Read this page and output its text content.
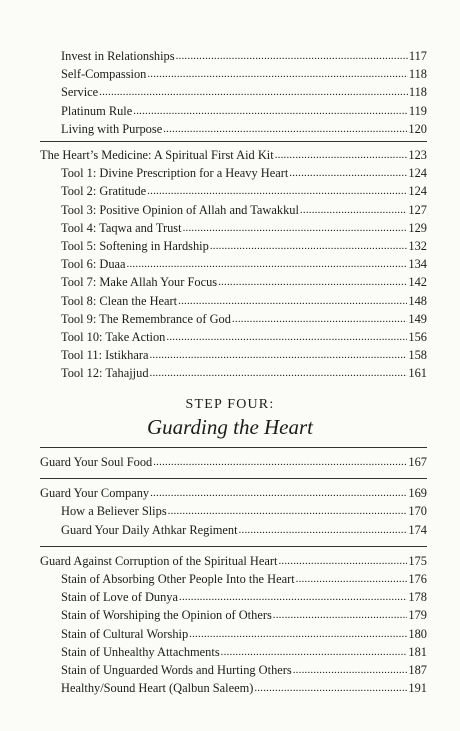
Invest in Relationships .....	117
Self-Compassion .....	118
Service .....	118
Platinum Rule .....	119
Living with Purpose .....	120
The Heart’s Medicine: A Spiritual First Aid Kit .....	123
Tool 1: Divine Prescription for a Heavy Heart .....	124
Tool 2: Gratitude .....	124
Tool 3: Positive Opinion of Allah and Tawakkul .....	127
Tool 4: Taqwa and Trust .....	129
Tool 5: Softening in Hardship .....	132
Tool 6: Duaa .....	134
Tool 7: Make Allah Your Focus .....	142
Tool 8: Clean the Heart .....	148
Tool 9: The Remembrance of God .....	149
Tool 10: Take Action .....	156
Tool 11: Istikhara .....	158
Tool 12: Tahajjud .....	161
STEP FOUR:
Guarding the Heart
Guard Your Soul Food .....	167
Guard Your Company .....	169
How a Believer Slips .....	170
Guard Your Daily Athkar Regiment .....	174
Guard Against Corruption of the Spiritual Heart .....	175
Stain of Absorbing Other People Into the Heart .....	176
Stain of Love of Dunya .....	178
Stain of Worshiping the Opinion of Others .....	179
Stain of Cultural Worship .....	180
Stain of Unhealthy Attachments .....	181
Stain of Unguarded Words and Hurting Others .....	187
Healthy/Sound Heart (Qalbun Saleem) .....	191
